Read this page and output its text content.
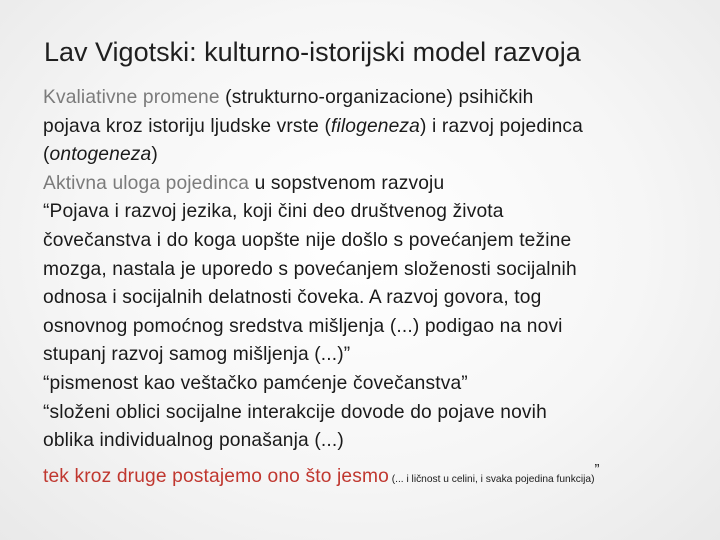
Lav Vigotski: kulturno-istorijski model razvoja
Kvaliativne promene (strukturno-organizacione) psihičkih
pojava kroz istoriju ljudske vrste (filogeneza) i razvoj pojedinca
(ontogeneza)
Aktivna uloga pojedinca u sopstvenom razvoju
“Pojava i razvoj jezika, koji čini deo društvenog života
čovečanstva i do koga uopšte nije došlo s povećanjem težine
mozga, nastala je uporedo s povećanjem složenosti socijalnih
odnosa i socijalnih delatnosti čoveka. A razvoj govora, tog
osnovnog pomoćnog sredstva mišljenja (...) podigao na novi
stupanj razvoj samog mišljenja (...)”
“pismenost kao veštačko pamćenje čovečanstva”
“složeni oblici socijalne interakcije dovode do pojave novih
oblika individualnog ponašanja (...)
tek kroz druge postajemo ono što jesmo (... i ličnost u celini, i svaka pojedina funkcija)”
